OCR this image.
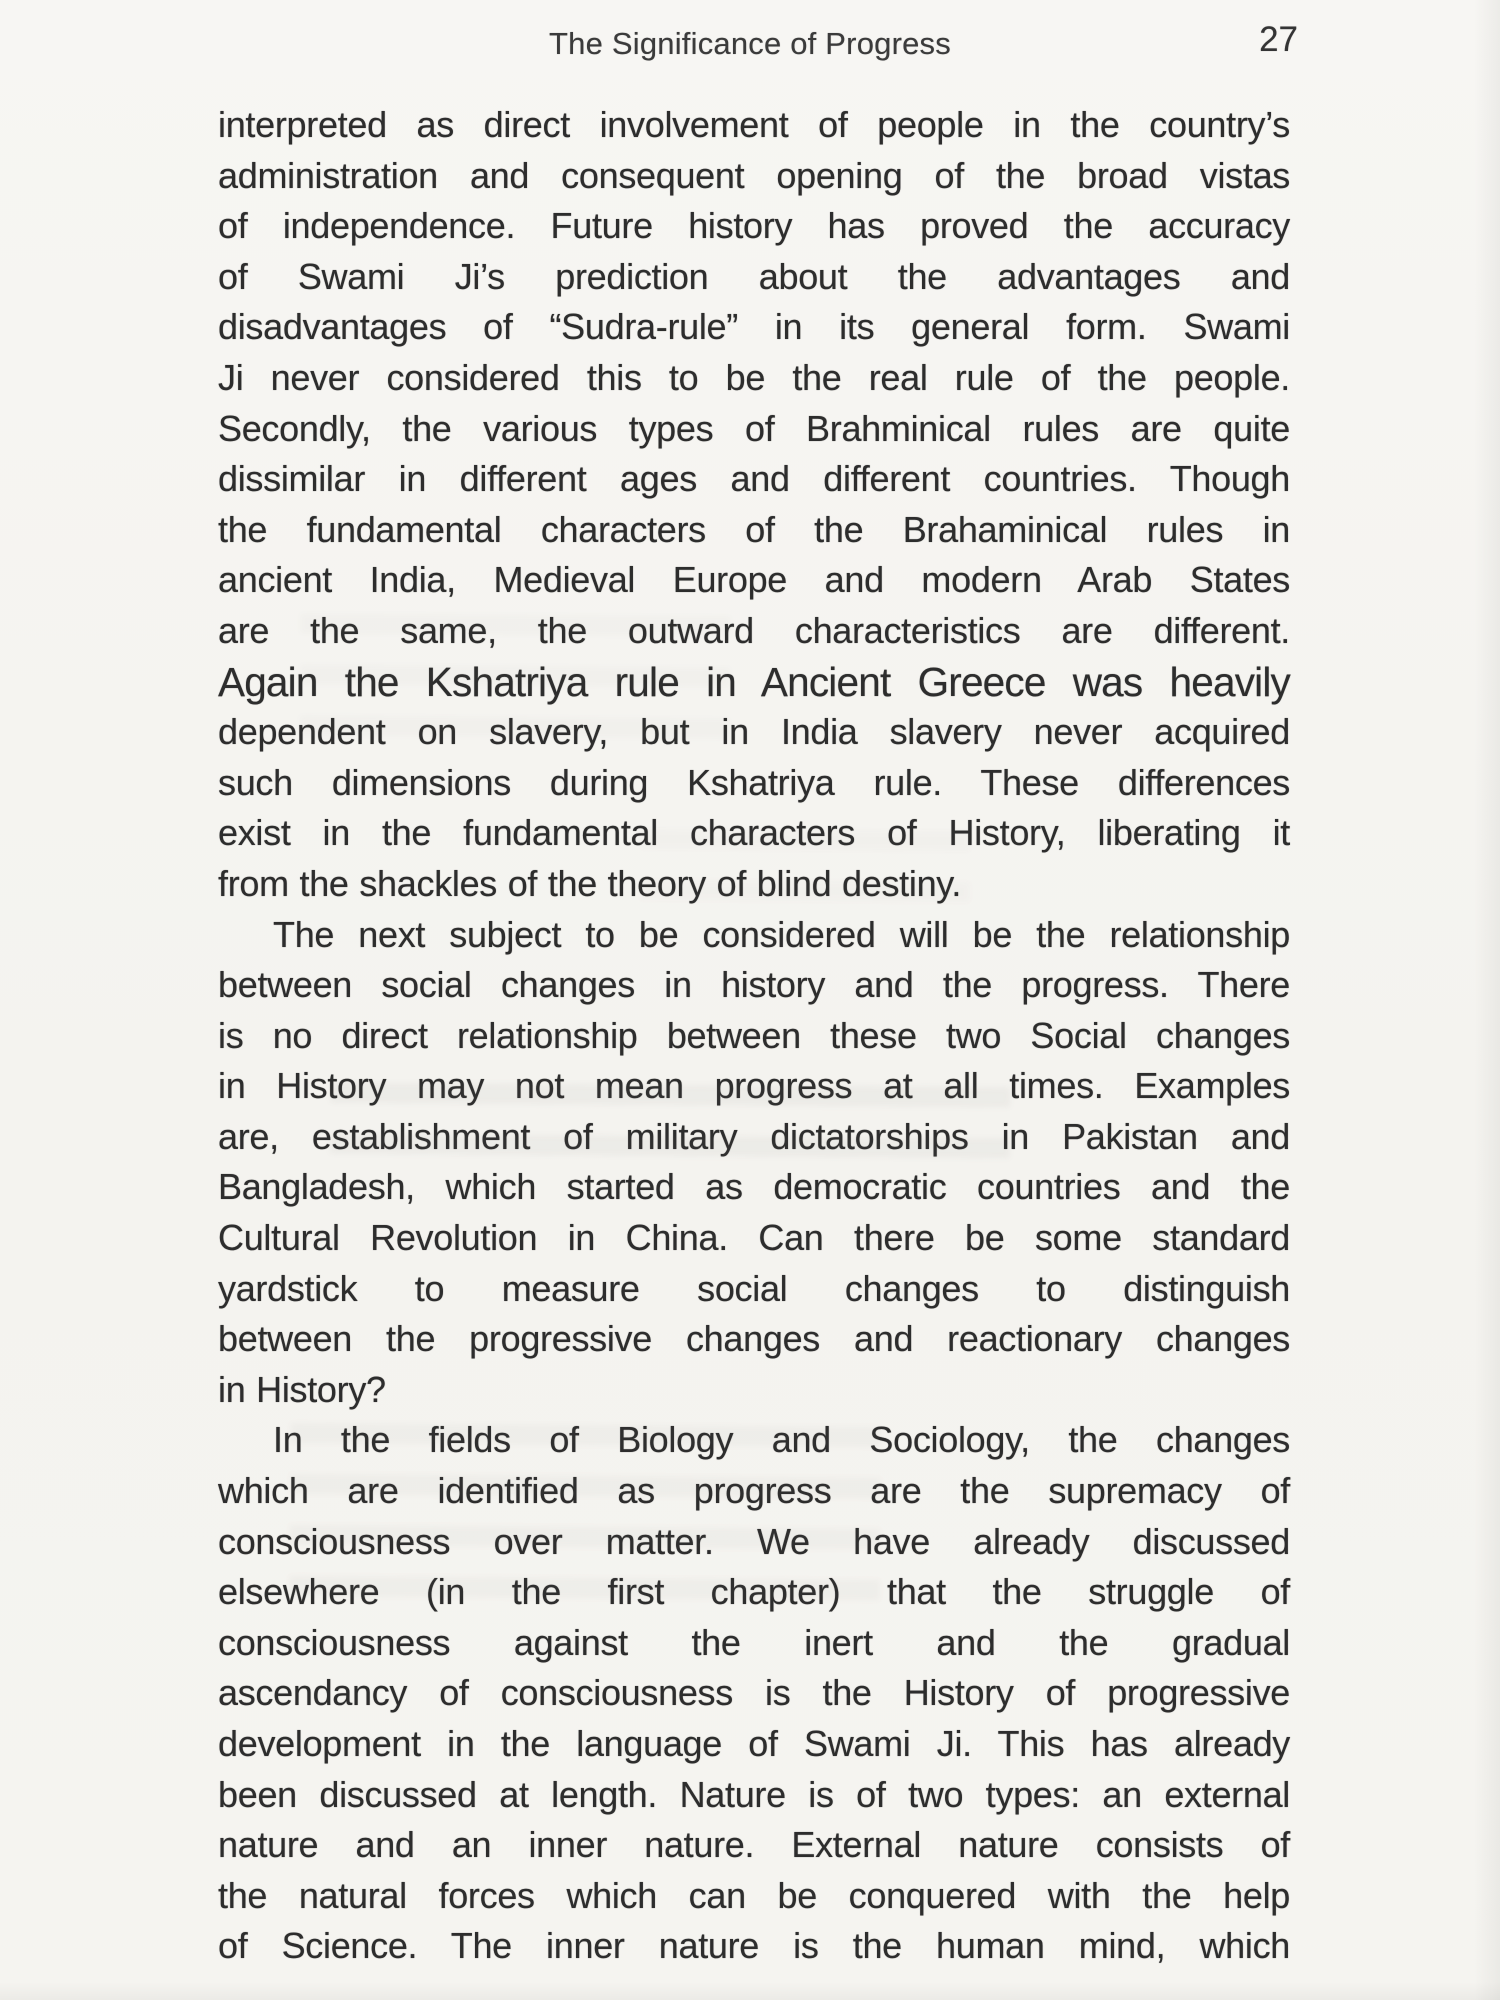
The Significance of Progress	27
interpreted as direct involvement of people in the country’s
administration and consequent opening of the broad vistas
of independence. Future history has proved the accuracy
of Swami Ji’s prediction about the advantages and
disadvantages of “Sudra-rule” in its general form. Swami
Ji never considered this to be the real rule of the people.
Secondly, the various types of Brahminical rules are quite
dissimilar in different ages and different countries. Though
the fundamental characters of the Brahaminical rules in
ancient India, Medieval Europe and modern Arab States
are the same, the outward characteristics are different.
Again the Kshatriya rule in Ancient Greece was heavily
dependent on slavery, but in India slavery never acquired
such dimensions during Kshatriya rule. These differences
exist in the fundamental characters of History, liberating it
from the shackles of the theory of blind destiny.
The next subject to be considered will be the relationship
between social changes in history and the progress. There
is no direct relationship between these two Social changes
in History may not mean progress at all times. Examples
are, establishment of military dictatorships in Pakistan and
Bangladesh, which started as democratic countries and the
Cultural Revolution in China. Can there be some standard
yardstick to measure social changes to distinguish
between the progressive changes and reactionary changes
in History?
In the fields of Biology and Sociology, the changes
which are identified as progress are the supremacy of
consciousness over matter. We have already discussed
elsewhere (in the first chapter) that the struggle of
consciousness against the inert and the gradual
ascendancy of consciousness is the History of progressive
development in the language of Swami Ji. This has already
been discussed at length. Nature is of two types: an external
nature and an inner nature. External nature consists of
the natural forces which can be conquered with the help
of Science. The inner nature is the human mind, which
